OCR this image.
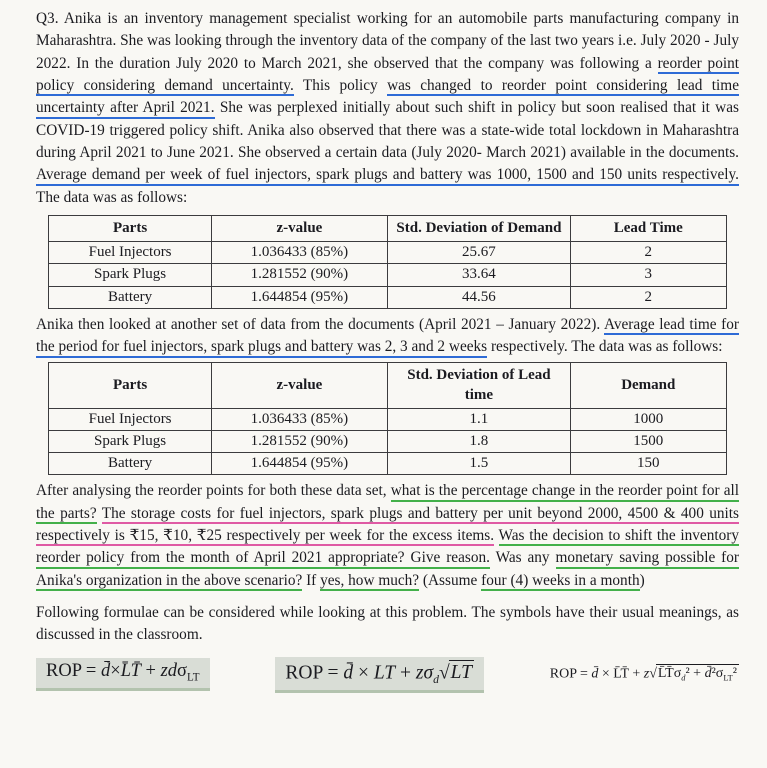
Q3. Anika is an inventory management specialist working for an automobile parts manufacturing company in Maharashtra. She was looking through the inventory data of the company of the last two years i.e. July 2020 - July 2022. In the duration July 2020 to March 2021, she observed that the company was following a reorder point policy considering demand uncertainty. This policy was changed to reorder point considering lead time uncertainty after April 2021. She was perplexed initially about such shift in policy but soon realised that it was COVID-19 triggered policy shift. Anika also observed that there was a state-wide total lockdown in Maharashtra during April 2021 to June 2021. She observed a certain data (July 2020- March 2021) available in the documents. Average demand per week of fuel injectors, spark plugs and battery was 1000, 1500 and 150 units respectively. The data was as follows:

Parts	z-value	Std. Deviation of Demand	Lead Time
Fuel Injectors	1.036433 (85%)	25.67	2
Spark Plugs	1.281552 (90%)	33.64	3
Battery	1.644854 (95%)	44.56	2

Anika then looked at another set of data from the documents (April 2021 – January 2022). Average lead time for the period for fuel injectors, spark plugs and battery was 2, 3 and 2 weeks respectively. The data was as follows:

Parts	z-value	Std. Deviation of Lead time	Demand
Fuel Injectors	1.036433 (85%)	1.1	1000
Spark Plugs	1.281552 (90%)	1.8	1500
Battery	1.644854 (95%)	1.5	150

After analysing the reorder points for both these data set, what is the percentage change in the reorder point for all the parts? The storage costs for fuel injectors, spark plugs and battery per unit beyond 2000, 4500 & 400 units respectively is ₹15, ₹10, ₹25 respectively per week for the excess items. Was the decision to shift the inventory reorder policy from the month of April 2021 appropriate? Give reason. Was any monetary saving possible for Anika's organization in the above scenario? If yes, how much? (Assume four (4) weeks in a month)

Following formulae can be considered while looking at this problem. The symbols have their usual meanings, as discussed in the classroom.

ROP = d̄×L̄T̄ + zdσ$_{LT}$	ROP = d̄ × LT + $z\sigma_d√LT$	ROP = d̄ × L̄T̄ + $z√L̄T̄\sigma_d^2$ + $d̄^2\sigma_{LT}^2$
